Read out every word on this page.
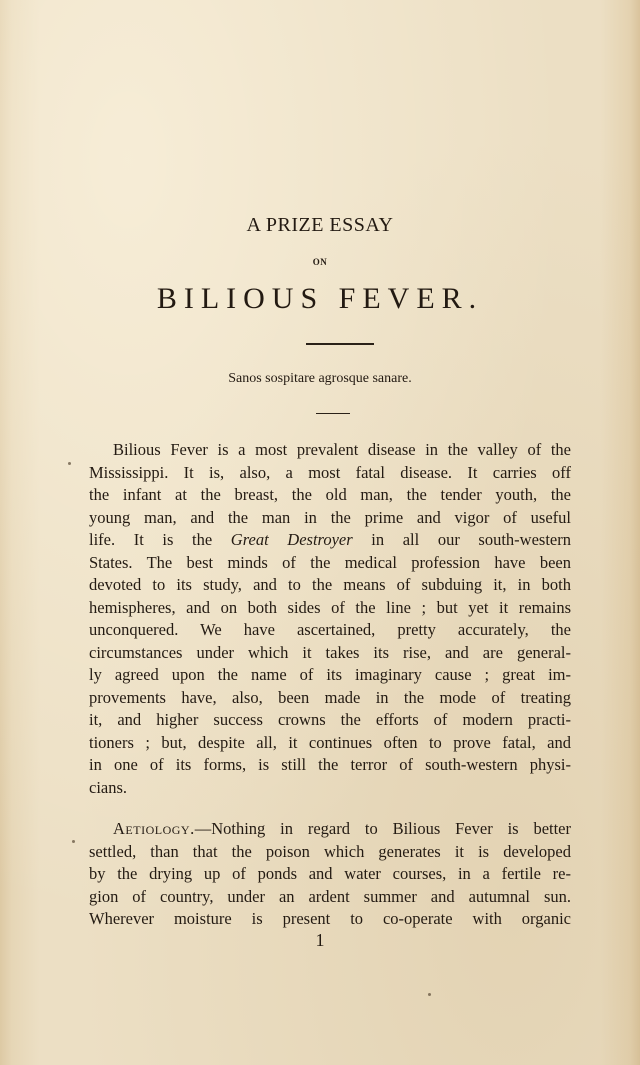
A PRIZE ESSAY
ON
BILIOUS FEVER.
Sanos sospitare agrosque sanare.
Bilious Fever is a most prevalent disease in the valley of the
Mississippi. It is, also, a most fatal disease. It carries off
the infant at the breast, the old man, the tender youth, the
young man, and the man in the prime and vigor of useful
life. It is the Great Destroyer in all our south-western
States. The best minds of the medical profession have been
devoted to its study, and to the means of subduing it, in both
hemispheres, and on both sides of the line ; but yet it remains
unconquered. We have ascertained, pretty accurately, the
circumstances under which it takes its rise, and are general-
ly agreed upon the name of its imaginary cause ; great im-
provements have, also, been made in the mode of treating
it, and higher success crowns the efforts of modern practi-
tioners ; but, despite all, it continues often to prove fatal, and
in one of its forms, is still the terror of south-western physi-
cians.
Aetiology.—Nothing in regard to Bilious Fever is better
settled, than that the poison which generates it is developed
by the drying up of ponds and water courses, in a fertile re-
gion of country, under an ardent summer and autumnal sun.
Wherever moisture is present to co-operate with organic
1
